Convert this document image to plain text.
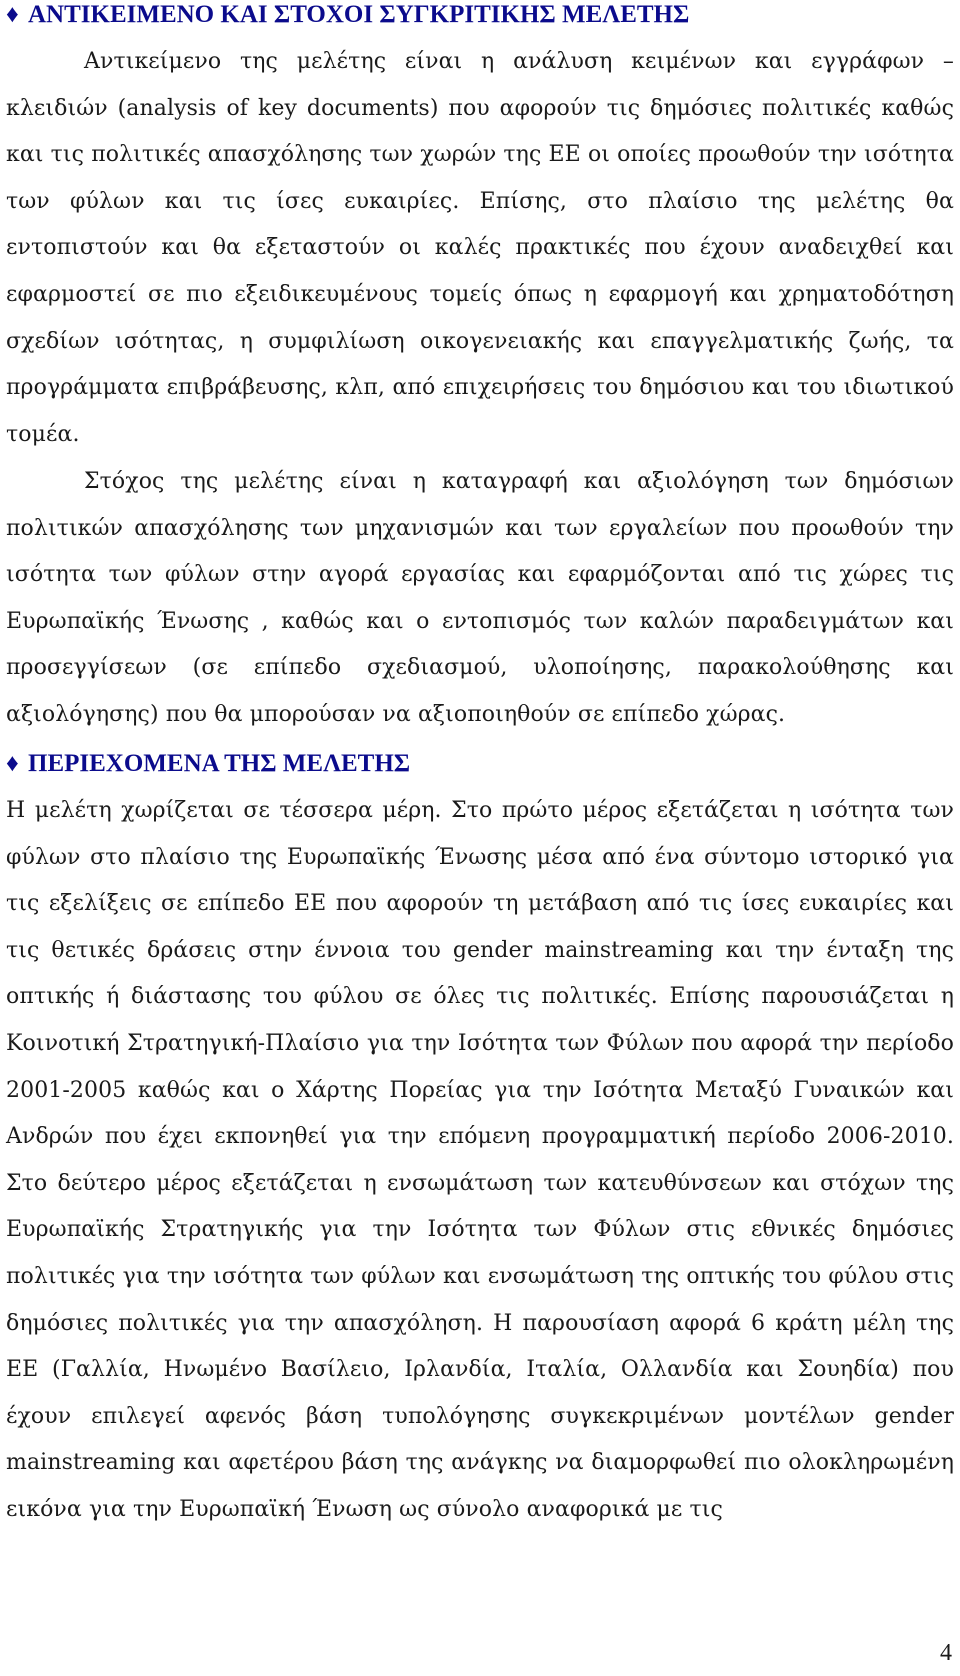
♦ ΑΝΤΙΚΕΙΜΕΝΟ ΚΑΙ ΣΤΟΧΟΙ ΣΥΓΚΡΙΤΙΚΗΣ ΜΕΛΕΤΗΣ

Αντικείμενο της μελέτης είναι η ανάλυση κειμένων και εγγράφων – κλειδιών (analysis of key documents) που αφορούν τις δημόσιες πολιτικές καθώς και τις πολιτικές απασχόλησης των χωρών της ΕΕ οι οποίες προωθούν την ισότητα των φύλων και τις ίσες ευκαιρίες. Επίσης, στο πλαίσιο της μελέτης θα εντοπιστούν και θα εξεταστούν οι καλές πρακτικές που έχουν αναδειχθεί και εφαρμοστεί σε πιο εξειδικευμένους τομείς όπως η εφαρμογή και χρηματοδότηση σχεδίων ισότητας, η συμφιλίωση οικογενειακής και επαγγελματικής ζωής, τα προγράμματα επιβράβευσης, κλπ, από επιχειρήσεις του δημόσιου και του ιδιωτικού τομέα.

Στόχος της μελέτης είναι η καταγραφή και αξιολόγηση των δημόσιων πολιτικών απασχόλησης των μηχανισμών και των εργαλείων που προωθούν την ισότητα των φύλων στην αγορά εργασίας και εφαρμόζονται από τις χώρες τις Ευρωπαϊκής Ένωσης , καθώς και ο εντοπισμός των καλών παραδειγμάτων και προσεγγίσεων (σε επίπεδο σχεδιασμού, υλοποίησης, παρακολούθησης και αξιολόγησης) που θα μπορούσαν να αξιοποιηθούν σε επίπεδο χώρας.

♦ ΠΕΡΙΕΧΟΜΕΝΑ ΤΗΣ ΜΕΛΕΤΗΣ

Η μελέτη χωρίζεται σε τέσσερα μέρη. Στο πρώτο μέρος εξετάζεται η ισότητα των φύλων στο πλαίσιο της Ευρωπαϊκής Ένωσης μέσα από ένα σύντομο ιστορικό για τις εξελίξεις σε επίπεδο ΕΕ που αφορούν τη μετάβαση από τις ίσες ευκαιρίες και τις θετικές δράσεις στην έννοια του gender mainstreaming και την ένταξη της οπτικής ή διάστασης του φύλου σε όλες τις πολιτικές. Επίσης παρουσιάζεται η Κοινοτική Στρατηγική-Πλαίσιο για την Ισότητα των Φύλων που αφορά την περίοδο 2001-2005 καθώς και ο Χάρτης Πορείας για την Ισότητα Μεταξύ Γυναικών και Ανδρών που έχει εκπονηθεί για την επόμενη προγραμματική περίοδο 2006-2010. Στο δεύτερο μέρος εξετάζεται η ενσωμάτωση των κατευθύνσεων και στόχων της Ευρωπαϊκής Στρατηγικής για την Ισότητα των Φύλων στις εθνικές δημόσιες πολιτικές για την ισότητα των φύλων και ενσωμάτωση της οπτικής του φύλου στις δημόσιες πολιτικές για την απασχόληση. Η παρουσίαση αφορά 6 κράτη μέλη της ΕΕ (Γαλλία, Ηνωμένο Βασίλειο, Ιρλανδία, Ιταλία, Ολλανδία και Σουηδία) που έχουν επιλεγεί αφενός βάση τυπολόγησης συγκεκριμένων μοντέλων gender mainstreaming και αφετέρου βάση της ανάγκης να διαμορφωθεί πιο ολοκληρωμένη εικόνα για την Ευρωπαϊκή Ένωση ως σύνολο αναφορικά με τις

4
